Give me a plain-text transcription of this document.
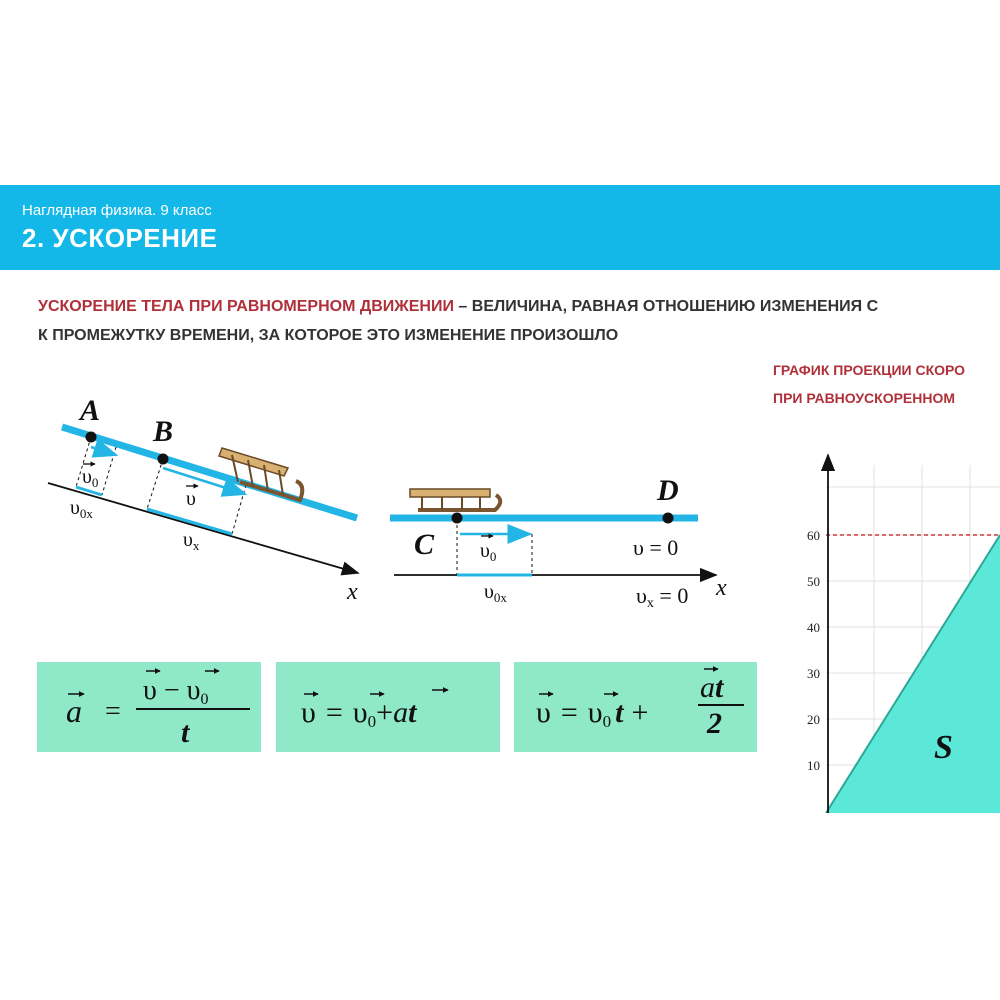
Наглядная физика. 9 класс
2. УСКОРЕНИЕ
УСКОРЕНИЕ ТЕЛА ПРИ РАВНОМЕРНОМ ДВИЖЕНИИ – ВЕЛИЧИНА, РАВНАЯ ОТНОШЕНИЮ ИЗМЕНЕНИЯ С
К ПРОМЕЖУТКУ ВРЕМЕНИ, ЗА КОТОРОЕ ЭТО ИЗМЕНЕНИЕ ПРОИЗОШЛО
ГРАФИК ПРОЕКЦИИ СКОРО
ПРИ РАВНОУСКОРЕННОМ
A
B
$\upsilon_0$
υ
$\upsilon_{0x}$
$\upsilon_x$
x
C
D
$\upsilon_0$	υ = 0
$\upsilon_{0x}$	υx = 0 x
60
50
40
30
20
10	S
a =
υ − υ0
t
υ = υ0+at	υ = υ0 t +
at
2
